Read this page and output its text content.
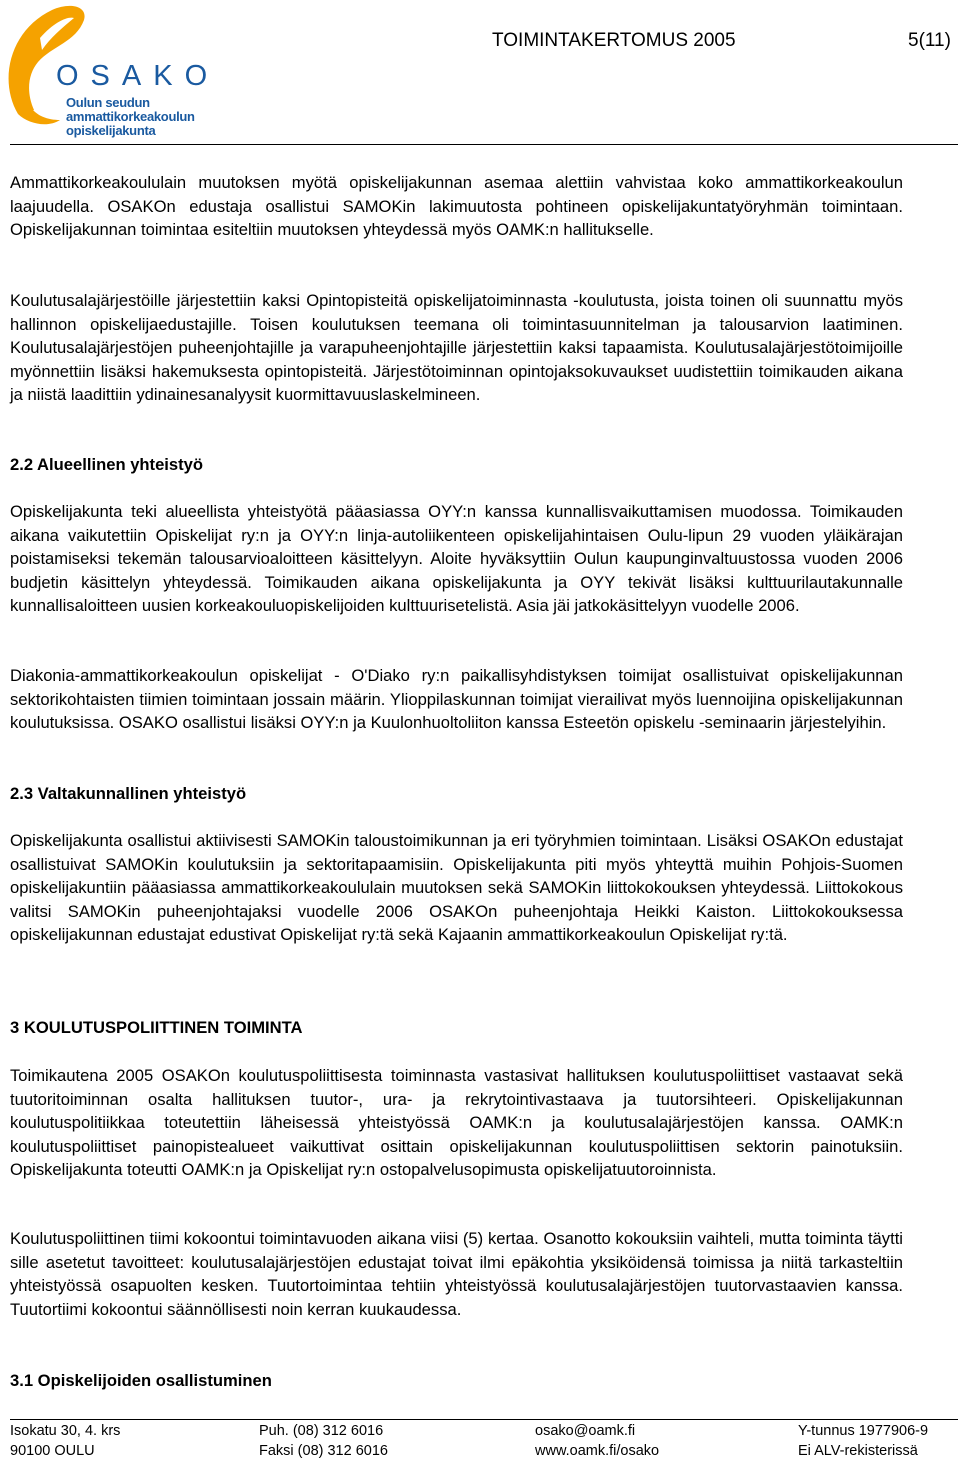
OSAKO
Oulun seudun
ammattikorkeakoulun
opiskelijakunta
TOIMINTAKERTOMUS 2005	5(11)

Ammattikorkeakoululain muutoksen myötä opiskelijakunnan asemaa alettiin vahvistaa koko ammattikorkeakoulun laajuudella. OSAKOn edustaja osallistui SAMOKin lakimuutosta pohtineen opiskelijakuntatyöryhmän toimintaan. Opiskelijakunnan toimintaa esiteltiin muutoksen yhteydessä myös OAMK:n hallitukselle.

Koulutusalajärjestöille järjestettiin kaksi Opintopisteitä opiskelijatoiminnasta -koulutusta, joista toinen oli suunnattu myös hallinnon opiskelijaedustajille. Toisen koulutuksen teemana oli toimintasuunnitelman ja talousarvion laatiminen. Koulutusalajärjestöjen puheenjohtajille ja varapuheenjohtajille järjestettiin kaksi tapaamista. Koulutusalajärjestötoimijoille myönnettiin lisäksi hakemuksesta opintopisteitä. Järjestötoiminnan opintojaksokuvaukset uudistettiin toimikauden aikana ja niistä laadittiin ydinainesanalyysit kuormittavuuslaskelmineen.

2.2 Alueellinen yhteistyö

Opiskelijakunta teki alueellista yhteistyötä pääasiassa OYY:n kanssa kunnallisvaikuttamisen muodossa. Toimikauden aikana vaikutettiin Opiskelijat ry:n ja OYY:n linja-autoliikenteen opiskelijahintaisen Oulu-lipun 29 vuoden yläikärajan poistamiseksi tekemän talousarvioaloitteen käsittelyyn. Aloite hyväksyttiin Oulun kaupunginvaltuustossa vuoden 2006 budjetin käsittelyn yhteydessä. Toimikauden aikana opiskelijakunta ja OYY tekivät lisäksi kulttuurilautakunnalle kunnallisaloitteen uusien korkeakouluopiskelijoiden kulttuurisetelistä. Asia jäi jatkokäsittelyyn vuodelle 2006.

Diakonia-ammattikorkeakoulun opiskelijat - O'Diako ry:n paikallisyhdistyksen toimijat osallistuivat opiskelijakunnan sektorikohtaisten tiimien toimintaan jossain määrin. Ylioppilaskunnan toimijat vierailivat myös luennoijina opiskelijakunnan koulutuksissa. OSAKO osallistui lisäksi OYY:n ja Kuulonhuoltoliiton kanssa Esteetön opiskelu -seminaarin järjestelyihin.

2.3 Valtakunnallinen yhteistyö

Opiskelijakunta osallistui aktiivisesti SAMOKin taloustoimikunnan ja eri työryhmien toimintaan. Lisäksi OSAKOn edustajat osallistuivat SAMOKin koulutuksiin ja sektoritapaamisiin. Opiskelijakunta piti myös yhteyttä muihin Pohjois-Suomen opiskelijakuntiin pääasiassa ammattikorkeakoululain muutoksen sekä SAMOKin liittokokouksen yhteydessä. Liittokokous valitsi SAMOKin puheenjohtajaksi vuodelle 2006 OSAKOn puheenjohtaja Heikki Kaiston. Liittokokouksessa opiskelijakunnan edustajat edustivat Opiskelijat ry:tä sekä Kajaanin ammattikorkeakoulun Opiskelijat ry:tä.

3 KOULUTUSPOLIITTINEN TOIMINTA

Toimikautena 2005 OSAKOn koulutuspoliittisesta toiminnasta vastasivat hallituksen koulutuspoliittiset vastaavat sekä tuutoritoiminnan osalta hallituksen tuutor-, ura- ja rekrytointivastaava ja tuutorsihteeri. Opiskelijakunnan koulutuspolitiikkaa toteutettiin läheisessä yhteistyössä OAMK:n ja koulutusalajärjestöjen kanssa. OAMK:n koulutuspoliittiset painopistealueet vaikuttivat osittain opiskelijakunnan koulutuspoliittisen sektorin painotuksiin. Opiskelijakunta toteutti OAMK:n ja Opiskelijat ry:n ostopalvelusopimusta opiskelijatuutoroinnista.

Koulutuspoliittinen tiimi kokoontui toimintavuoden aikana viisi (5) kertaa. Osanotto kokouksiin vaihteli, mutta toiminta täytti sille asetetut tavoitteet: koulutusalajärjestöjen edustajat toivat ilmi epäkohtia yksiköidensä toimissa ja niitä tarkasteltiin yhteistyössä osapuolten kesken. Tuutortoimintaa tehtiin yhteistyössä koulutusalajärjestöjen tuutorvastaavien kanssa. Tuutortiimi kokoontui säännöllisesti noin kerran kuukaudessa.

3.1 Opiskelijoiden osallistuminen
Isokatu 30, 4. krs
90100 OULU
Puh. (08) 312 6016
Faksi (08) 312 6016
osako@oamk.fi
www.oamk.fi/osako
Y-tunnus 1977906-9
Ei ALV-rekisterissä
